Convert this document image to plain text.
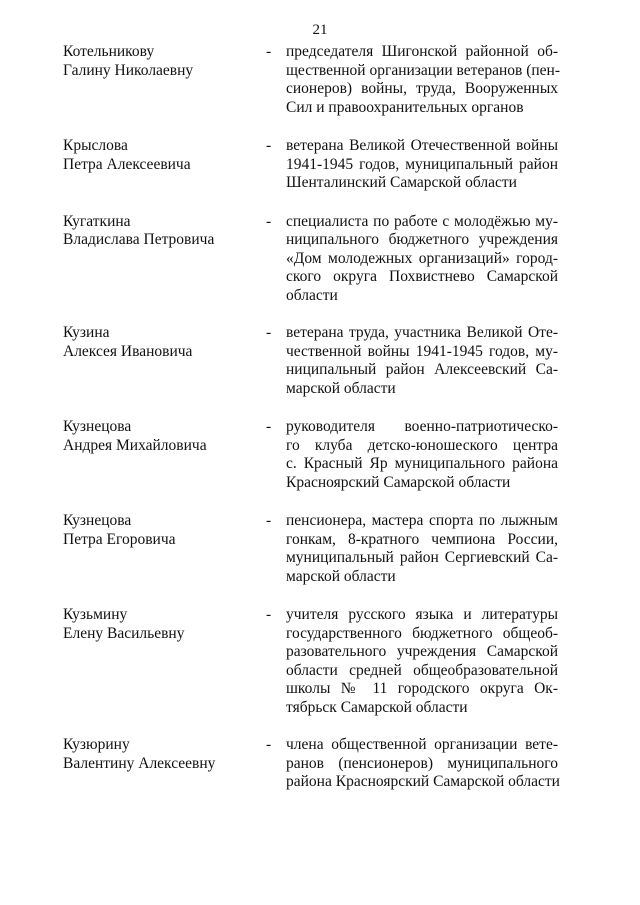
21
Котельникову
Галину Николаевну
- председателя Шигонской районной об-
щественной организации ветеранов (пен-
сионеров) войны, труда, Вооруженных
Сил и правоохранительных органов
Крыслова
Петра Алексеевича
- ветерана Великой Отечественной войны
1941-1945 годов, муниципальный район
Шенталинский Самарской области
Кугаткина
Владислава Петровича
- специалиста по работе с молодёжью му-
ниципального бюджетного учреждения
«Дом молодежных организаций» город-
ского округа Похвистнево Самарской
области
Кузина
Алексея Ивановича
- ветерана труда, участника Великой Оте-
чественной войны 1941-1945 годов, му-
ниципальный район Алексеевский Са-
марской области
Кузнецова
Андрея Михайловича
- руководителя военно-патриотическо-
го клуба детско-юношеского центра
с. Красный Яр муниципального района
Красноярский Самарской области
Кузнецова
Петра Егоровича
- пенсионера, мастера спорта по лыжным
гонкам, 8-кратного чемпиона России,
муниципальный район Сергиевский Са-
марской области
Кузьмину
Елену Васильевну
- учителя русского языка и литературы
государственного бюджетного общеоб-
разовательного учреждения Самарской
области средней общеобразовательной
школы № 11 городского округа Ок-
тябрьск Самарской области
Кузюрину
Валентину Алексеевну
- члена общественной организации вете-
ранов (пенсионеров) муниципального
района Красноярский Самарской области
